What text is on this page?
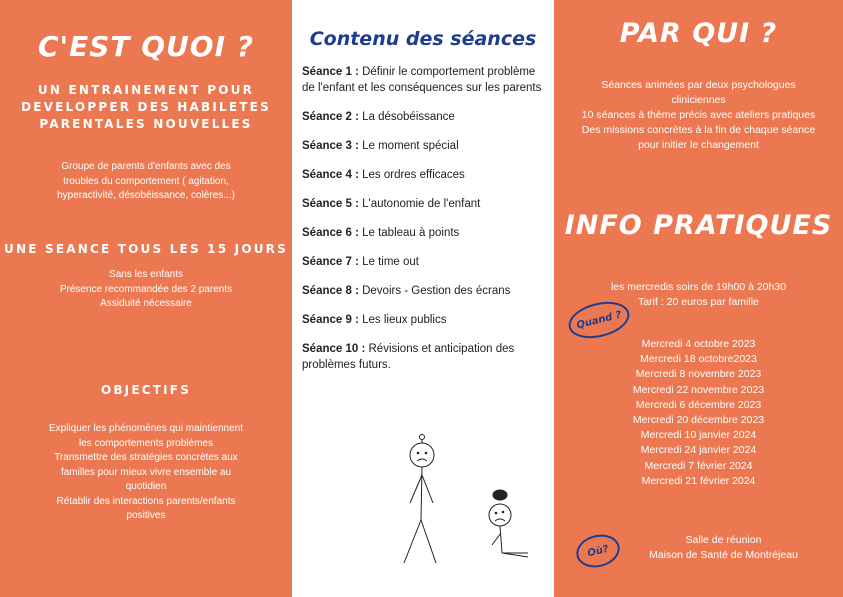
C'EST QUOI ?
UN ENTRAINEMENT POUR
DEVELOPPER DES HABILETES
PARENTALES NOUVELLES
Groupe de parents d'enfants avec des
troubles du comportement ( agitation,
hyperactivité, désobéissance, colères...)
UNE SEANCE TOUS LES 15 JOURS
Sans les enfants
Présence recommandée des 2 parents
Assiduité nécessaire
OBJECTIFS
Expliquer les phénomènes qui maintiennent
les comportements problèmes
Transmettre des stratégies concrètes aux
familles pour mieux vivre ensemble au
quotidien
Rétablir des interactions parents/enfants
positives
Contenu des séances
Séance 1 : Définir le comportement problème de l'enfant et les conséquences sur les parents
Séance 2 : La désobéissance
Séance 3 : Le moment spécial
Séance 4 : Les ordres efficaces
Séance 5 : L'autonomie de l'enfant
Séance 6 : Le tableau à points
Séance 7 : Le time out
Séance 8 : Devoirs - Gestion des écrans
Séance 9 : Les lieux publics
Séance 10 : Révisions et anticipation des problèmes futurs.
PAR QUI ?
Séances animées par deux psychologues
cliniciennes
10 séances à thème précis avec ateliers pratiques
Des missions concrètes à la fin de chaque séance
pour initier le changement
INFO PRATIQUES
les mercredis soirs de 19h00 à 20h30
Tarif : 20 euros par famille
Quand ?
Mercredi 4 octobre 2023
Mercredi 18 octobre2023
Mercredi 8 novembre 2023
Mercredi 22 novembre 2023
Mercredi 6 décembre 2023
Mercredi 20 décembre 2023
Mercredi 10 janvier 2024
Mercredi 24 janvier 2024
Mercredi 7 février 2024
Mercredi 21 février 2024
Où?
Salle de réunion
Maison de Santé de Montréjeau
